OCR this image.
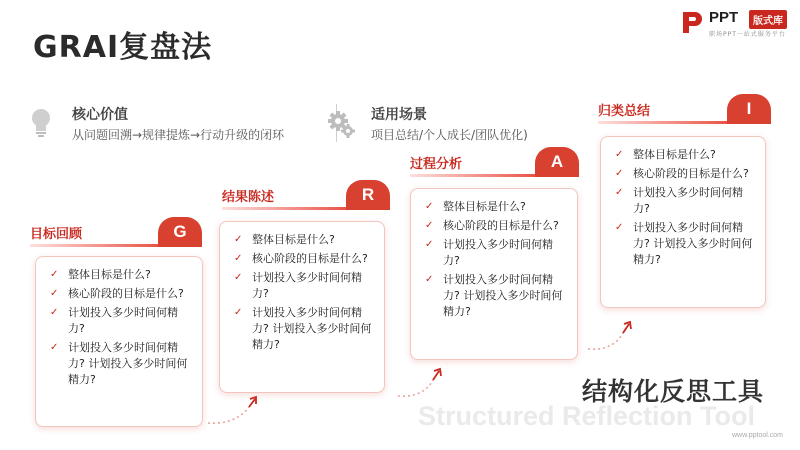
GRAI复盘法
PPT	版式库
职场PPT一站式服务平台
核心价值
从问题回溯→规律提炼→行动升级的闭环
适用场景
项目总结/个人成长/团队优化)
目标回顾	G
✓ 整体目标是什么?
✓ 核心阶段的目标是什么?
✓ 计划投入多少时间何精力?
✓ 计划投入多少时间何精力? 计划投入多少时间何精力?
结果陈述	R
✓ 整体目标是什么?
✓ 核心阶段的目标是什么?
✓ 计划投入多少时间何精力?
✓ 计划投入多少时间何精力? 计划投入多少时间何精力?
过程分析	A
✓ 整体目标是什么?
✓ 核心阶段的目标是什么?
✓ 计划投入多少时间何精力?
✓ 计划投入多少时间何精力? 计划投入多少时间何精力?
归类总结	I
✓ 整体目标是什么?
✓ 核心阶段的目标是什么?
✓ 计划投入多少时间何精力?
✓ 计划投入多少时间何精力? 计划投入多少时间何精力?
Structured Reflection Tool
结构化反思工具
www.pptool.com
